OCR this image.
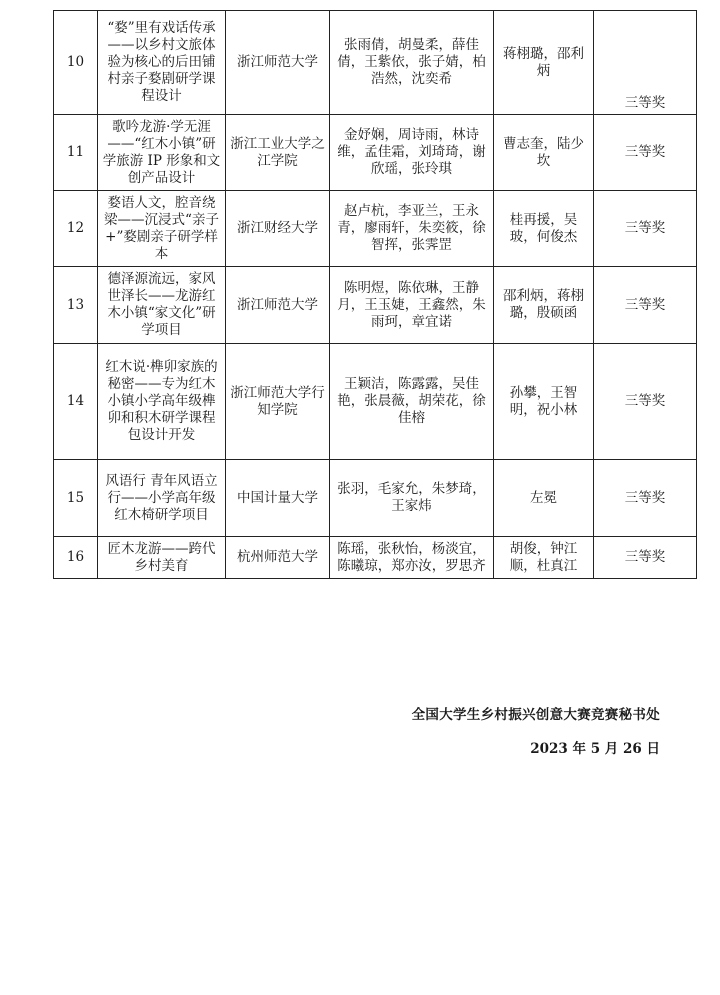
10	“婺”里有戏话传承——以乡村文旅体验为核心的后田铺村亲子婺剧研学课程设计	浙江师范大学	张雨倩，胡曼柔，薛佳倩，王紫依，张子婧，柏浩然，沈奕希	蒋栩璐，邵利炳	三等奖
11	歌吟龙游·学无涯——“红木小镇”研学旅游 IP 形象和文创产品设计	浙江工业大学之江学院	金妤娴，周诗雨，林诗维，孟佳霜，刘琦琦，谢欣瑶，张玲琪	曹志奎，陆少坎	三等奖
12	婺语人文，腔音绕梁——沉浸式“亲子+”婺剧亲子研学样本	浙江财经大学	赵卢杭，李亚兰，王永青，廖雨轩，朱奕筱，徐智挥，张霁罡	桂再援，吴玻，何俊杰	三等奖
13	德泽源流远，家风世泽长——龙游红木小镇“家文化”研学项目	浙江师范大学	陈明煜，陈依琳，王静月，王玉婕，王鑫然，朱雨珂，章宜诺	邵利炳，蒋栩璐，殷硕函	三等奖
14	红木说·榫卯家族的秘密——专为红木小镇小学高年级榫卯和积木研学课程包设计开发	浙江师范大学行知学院	王颖洁，陈露露，吴佳艳，张晨薇，胡荣花，徐佳榕	孙攀，王智明，祝小林	三等奖
15	风语行 青年风语立行——小学高年级红木椅研学项目	中国计量大学	张羽，毛家允，朱梦琦，王家炜	左冕	三等奖
16	匠木龙游——跨代乡村美育	杭州师范大学	陈瑶，张秋怡，杨淡宜，陈曦琼，郑亦汝，罗思齐	胡俊，钟江顺，杜真江	三等奖
全国大学生乡村振兴创意大赛竞赛秘书处
2023 年 5 月 26 日
